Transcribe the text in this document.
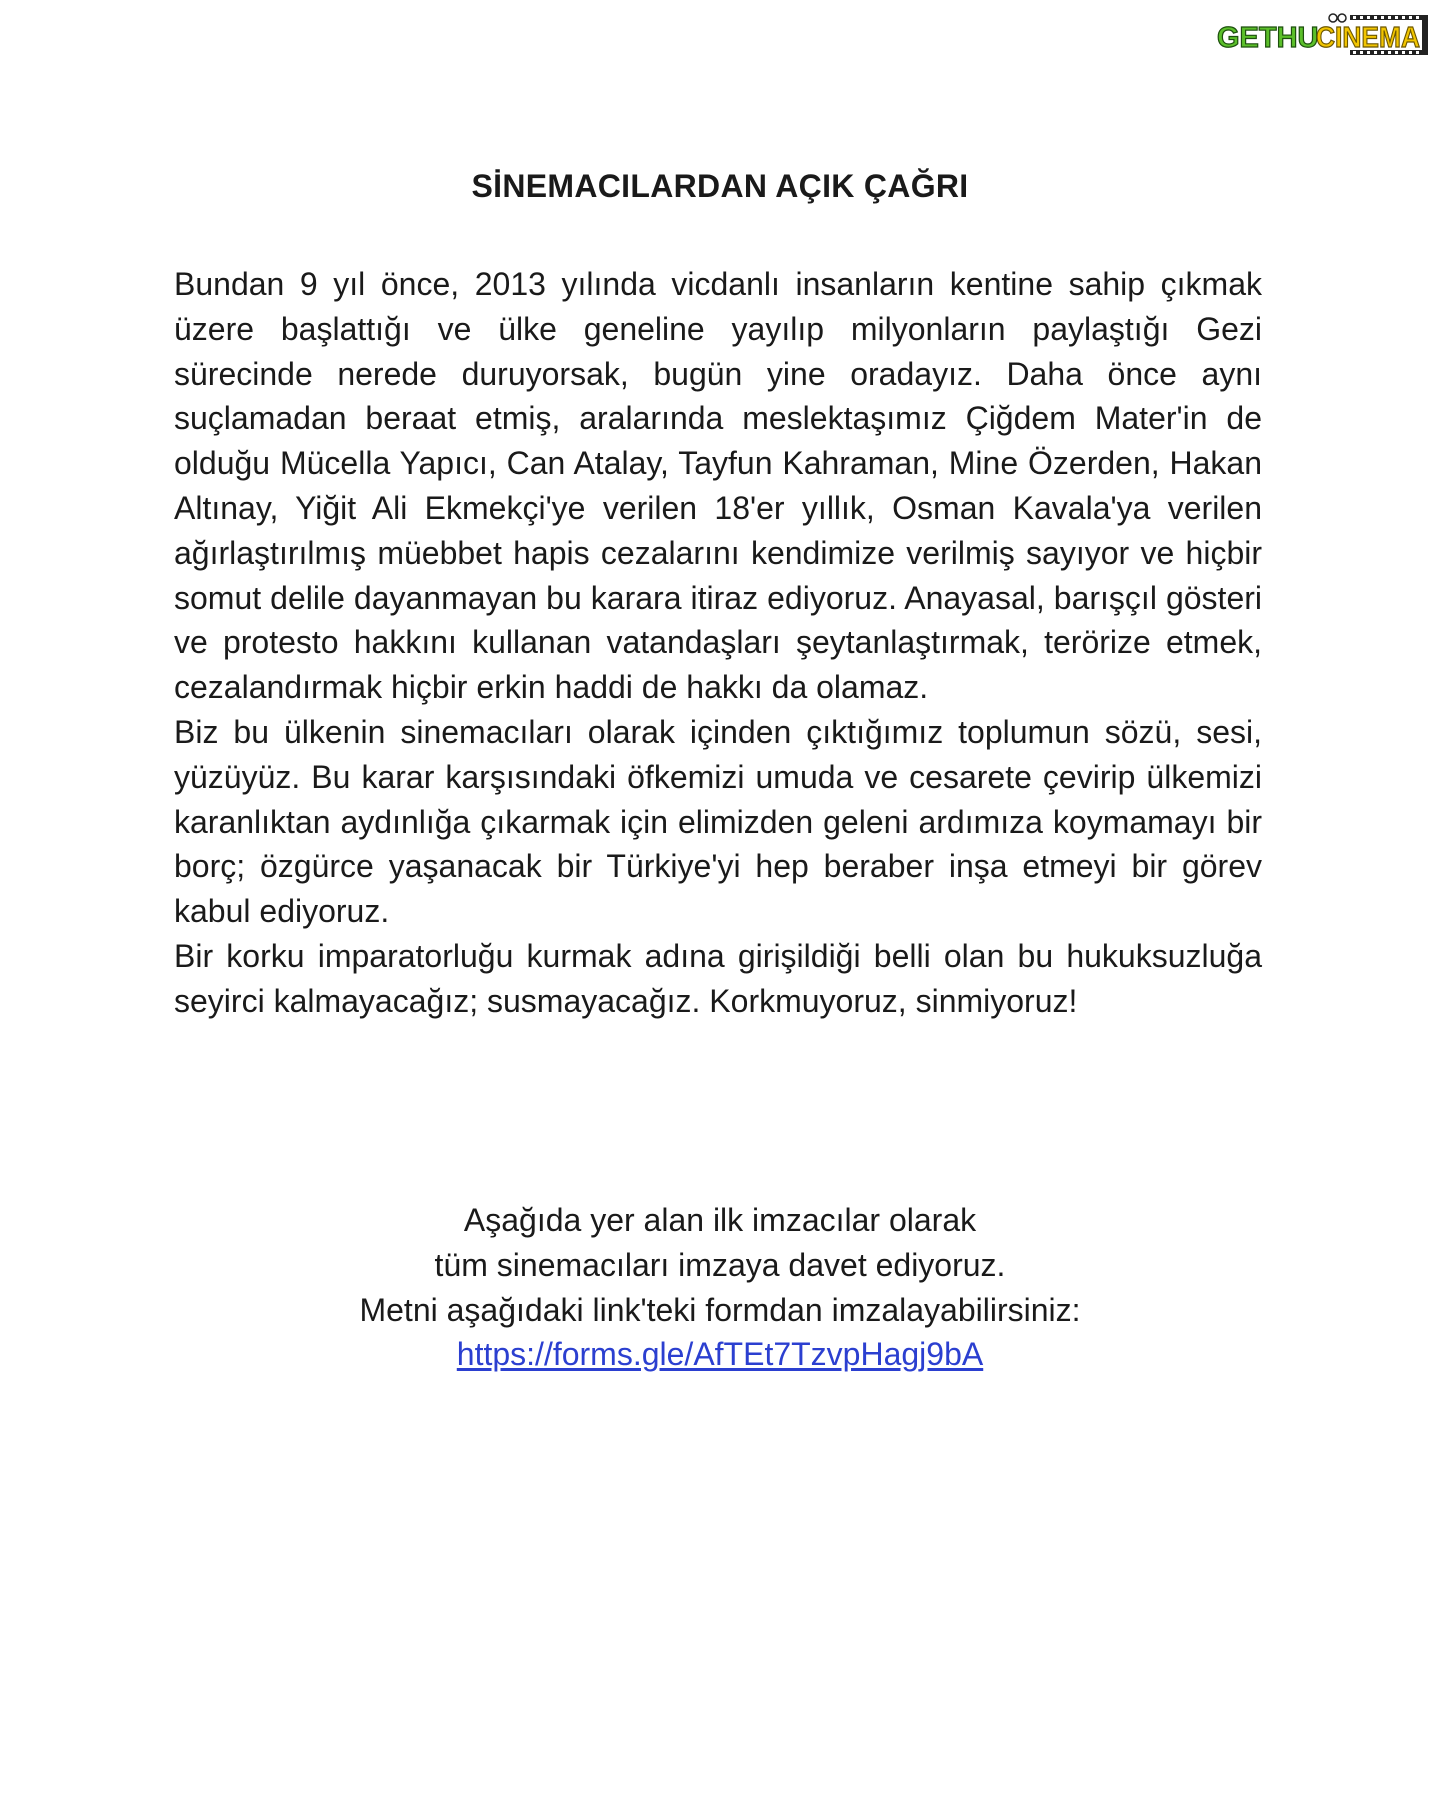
GETHU
CINEMA
SİNEMACILARDAN AÇIK ÇAĞRI

Bundan 9 yıl önce, 2013 yılında vicdanlı insanların kentine sahip çıkmak üzere başlattığı ve ülke geneline yayılıp milyonların paylaştığı Gezi sürecinde nerede duruyorsak, bugün yine oradayız. Daha önce aynı suçlamadan beraat etmiş, aralarında meslektaşımız Çiğdem Mater'in de olduğu Mücella Yapıcı, Can Atalay, Tayfun Kahraman, Mine Özerden, Hakan Altınay, Yiğit Ali Ekmekçi'ye verilen 18'er yıllık, Osman Kavala'ya verilen ağırlaştırılmış müebbet hapis cezalarını kendimize verilmiş sayıyor ve hiçbir somut delile dayanmayan bu karara itiraz ediyoruz. Anayasal, barışçıl gösteri ve protesto hakkını kullanan vatandaşları şeytanlaştırmak, terörize etmek, cezalandırmak hiçbir erkin haddi de hakkı da olamaz.

Biz bu ülkenin sinemacıları olarak içinden çıktığımız toplumun sözü, sesi, yüzüyüz. Bu karar karşısındaki öfkemizi umuda ve cesarete çevirip ülkemizi karanlıktan aydınlığa çıkarmak için elimizden geleni ardımıza koymamayı bir borç; özgürce yaşanacak bir Türkiye'yi hep beraber inşa etmeyi bir görev kabul ediyoruz.

Bir korku imparatorluğu kurmak adına girişildiği belli olan bu hukuksuzluğa seyirci kalmayacağız; susmayacağız. Korkmuyoruz, sinmiyoruz!

Aşağıda yer alan ilk imzacılar olarak
tüm sinemacıları imzaya davet ediyoruz.
Metni aşağıdaki link'teki formdan imzalayabilirsiniz:
https://forms.gle/AfTEt7TzvpHagj9bA
